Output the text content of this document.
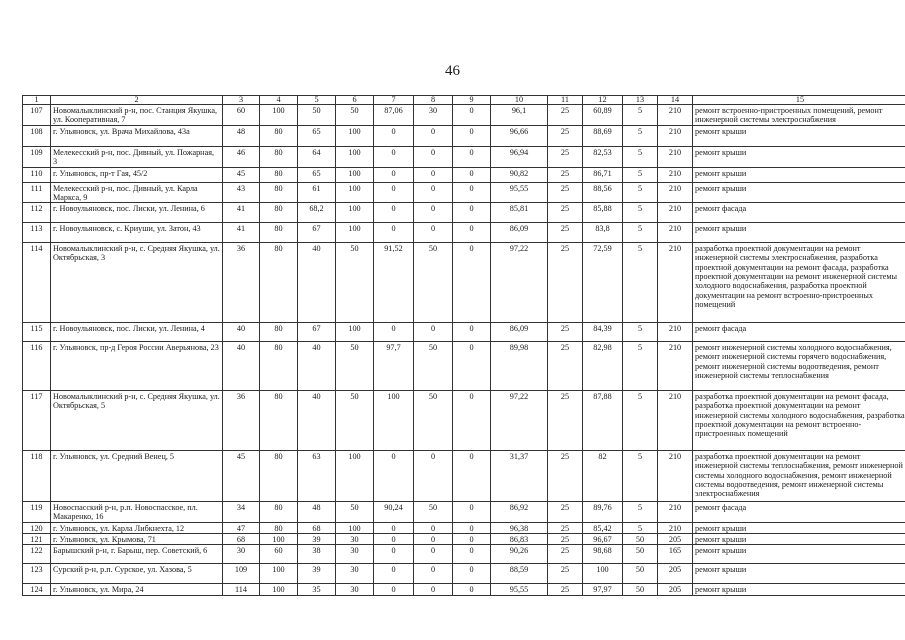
46
1	2	3	4	5	6	7	8	9	10	11	12	13	14	15
107	Новомалыклинский р-н, пос. Станция Якушка, ул. Кооперативная, 7	60	100	50	50	87,06	30	0	96,1	25	60,89	5	210	ремонт встроенно-пристроенных помещений, ремонт инженерной системы электроснабжения
108	г. Ульяновск, ул. Врача Михайлова, 43а	48	80	65	100	0	0	0	96,66	25	88,69	5	210	ремонт крыши
109	Мелекесский р-н, пос. Дивный, ул. Пожарная, 3	46	80	64	100	0	0	0	96,94	25	82,53	5	210	ремонт крыши
110	г. Ульяновск, пр-т Гая, 45/2	45	80	65	100	0	0	0	90,82	25	86,71	5	210	ремонт крыши
111	Мелекесский р-н, пос. Дивный, ул. Карла Маркса, 9	43	80	61	100	0	0	0	95,55	25	88,56	5	210	ремонт крыши
112	г. Новоульяновск, пос. Лиски, ул. Ленина, 6	41	80	68,2	100	0	0	0	85,81	25	85,88	5	210	ремонт фасада
113	г. Новоульяновск, с. Криуши, ул. Затон, 43	41	80	67	100	0	0	0	86,09	25	83,8	5	210	ремонт крыши
114	Новомалыклинский р-н, с. Средняя Якушка, ул. Октябрьская, 3	36	80	40	50	91,52	50	0	97,22	25	72,59	5	210	разработка проектной документации на ремонт инженерной системы электроснабжения, разработка проектной документации на ремонт фасада, разработка проектной документации на ремонт инженерной системы холодного водоснабжения, разработка проектной документации на ремонт встроенно-пристроенных помещений
115	г. Новоульяновск, пос. Лиски, ул. Ленина, 4	40	80	67	100	0	0	0	86,09	25	84,39	5	210	ремонт фасада
116	г. Ульяновск, пр-д Героя России Аверьянова, 23	40	80	40	50	97,7	50	0	89,98	25	82,98	5	210	ремонт инженерной системы холодного водоснабжения, ремонт инженерной системы горячего водоснабжения, ремонт инженерной системы водоотведения, ремонт инженерной системы теплоснабжения
117	Новомалыклинский р-н, с. Средняя Якушка, ул. Октябрьская, 5	36	80	40	50	100	50	0	97,22	25	87,88	5	210	разработка проектной документации на ремонт фасада, разработка проектной документации на ремонт инженерной системы холодного водоснабжения, разработка проектной документации на ремонт встроенно-пристроенных помещений
118	г. Ульяновск, ул. Средний Венец, 5	45	80	63	100	0	0	0	31,37	25	82	5	210	разработка проектной документации на ремонт инженерной системы теплоснабжения, ремонт инженерной системы холодного водоснабжения, ремонт инженерной системы водоотведения, ремонт инженерной системы электроснабжения
119	Новоспасский р-н, р.п. Новоспасское, пл. Макаренко, 16	34	80	48	50	90,24	50	0	86,92	25	89,76	5	210	ремонт фасада
120	г. Ульяновск, ул. Карла Либкнехта, 12	47	80	68	100	0	0	0	96,38	25	85,42	5	210	ремонт крыши
121	г. Ульяновск, ул. Крымова, 71	68	100	39	30	0	0	0	86,83	25	96,67	50	205	ремонт крыши
122	Барышский р-н, г. Барыш, пер. Советский, 6	30	60	38	30	0	0	0	90,26	25	98,68	50	165	ремонт крыши
123	Сурский р-н, р.п. Сурское, ул. Хазова, 5	109	100	39	30	0	0	0	88,59	25	100	50	205	ремонт крыши
124	г. Ульяновск, ул. Мира, 24	114	100	35	30	0	0	0	95,55	25	97,97	50	205	ремонт крыши
